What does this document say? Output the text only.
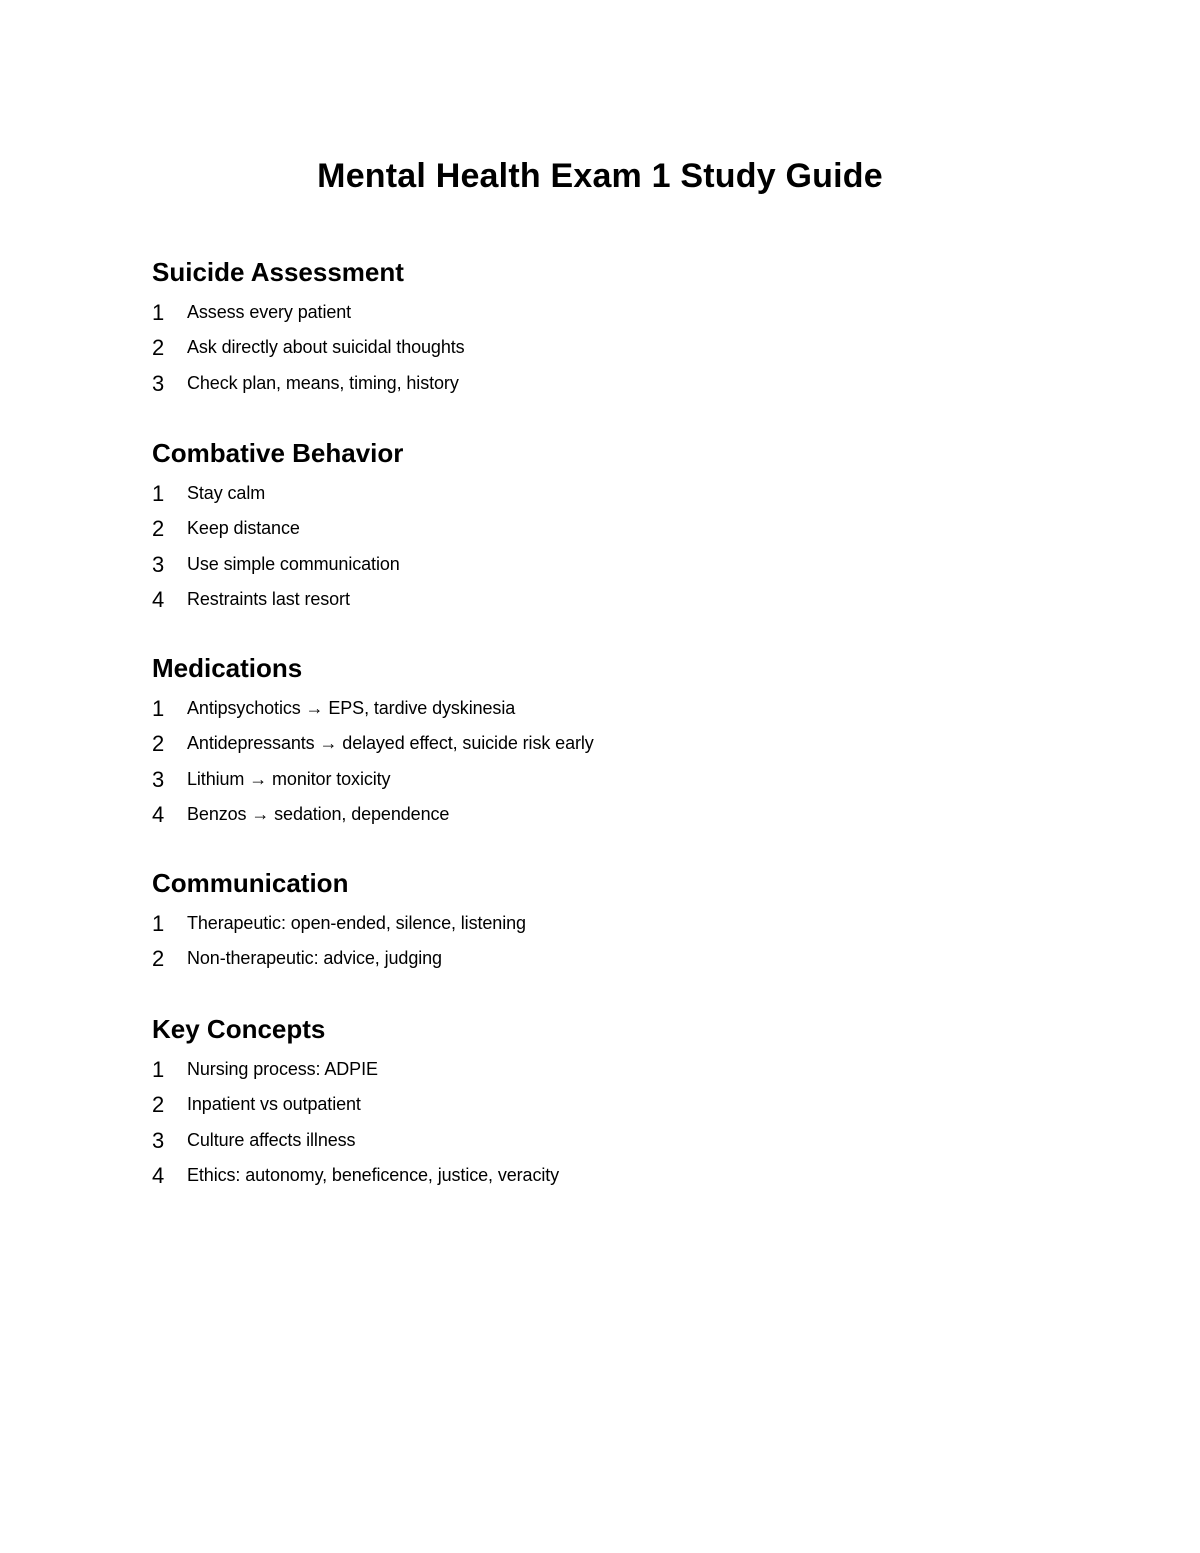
Mental Health Exam 1 Study Guide
Suicide Assessment
1	Assess every patient
2	Ask directly about suicidal thoughts
3	Check plan, means, timing, history
Combative Behavior
1	Stay calm
2	Keep distance
3	Use simple communication
4	Restraints last resort
Medications
1	Antipsychotics → EPS, tardive dyskinesia
2	Antidepressants → delayed effect, suicide risk early
3	Lithium → monitor toxicity
4	Benzos → sedation, dependence
Communication
1	Therapeutic: open-ended, silence, listening
2	Non-therapeutic: advice, judging
Key Concepts
1	Nursing process: ADPIE
2	Inpatient vs outpatient
3	Culture affects illness
4	Ethics: autonomy, beneficence, justice, veracity
